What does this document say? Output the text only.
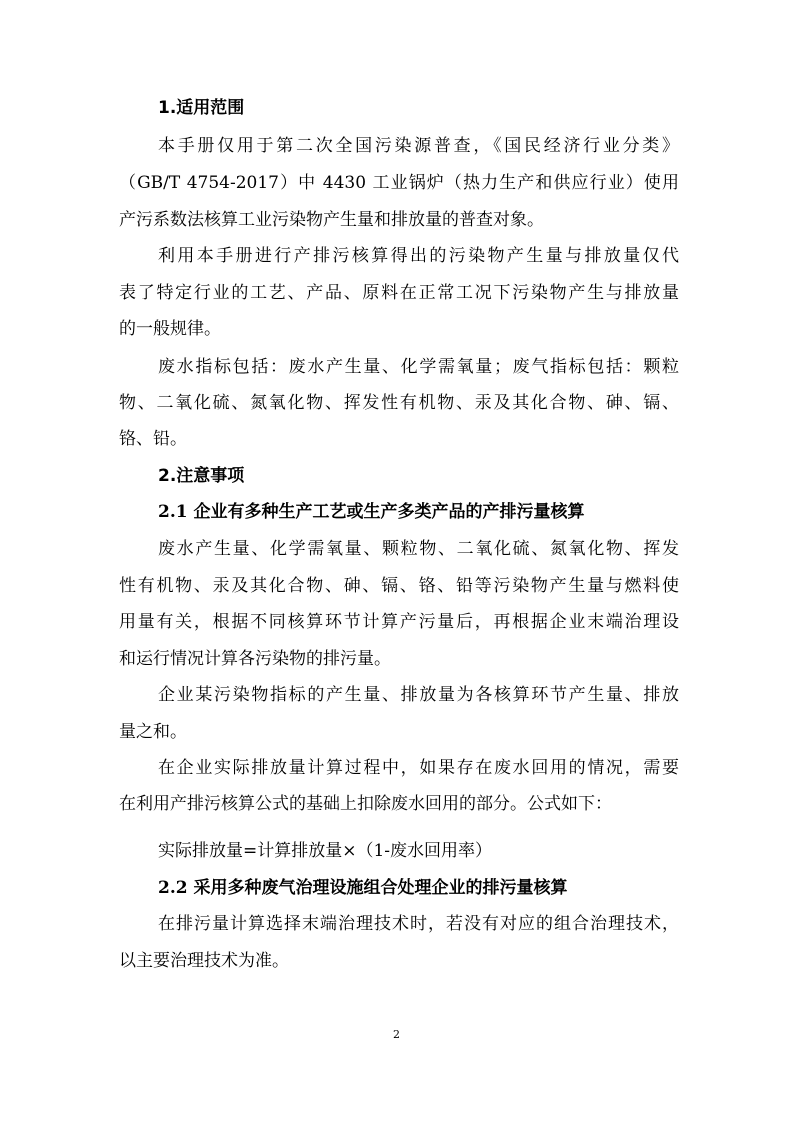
1.适用范围
本手册仅用于第二次全国污染源普查，《国民经济行业分类》
（GB/T 4754-2017）中 4430 工业锅炉（热力生产和供应行业）使用
产污系数法核算工业污染物产生量和排放量的普查对象。
利用本手册进行产排污核算得出的污染物产生量与排放量仅代
表了特定行业的工艺、产品、原料在正常工况下污染物产生与排放量
的一般规律。
废水指标包括：废水产生量、化学需氧量；废气指标包括：颗粒
物、二氧化硫、氮氧化物、挥发性有机物、汞及其化合物、砷、镉、
铬、铅。
2.注意事项
2.1 企业有多种生产工艺或生产多类产品的产排污量核算
废水产生量、化学需氧量、颗粒物、二氧化硫、氮氧化物、挥发
性有机物、汞及其化合物、砷、镉、铬、铅等污染物产生量与燃料使
用量有关，根据不同核算环节计算产污量后，再根据企业末端治理设
和运行情况计算各污染物的排污量。
企业某污染物指标的产生量、排放量为各核算环节产生量、排放
量之和。
在企业实际排放量计算过程中，如果存在废水回用的情况，需要
在利用产排污核算公式的基础上扣除废水回用的部分。公式如下：
实际排放量=计算排放量×（1-废水回用率）
2.2 采用多种废气治理设施组合处理企业的排污量核算
在排污量计算选择末端治理技术时，若没有对应的组合治理技术，
以主要治理技术为准。
2
